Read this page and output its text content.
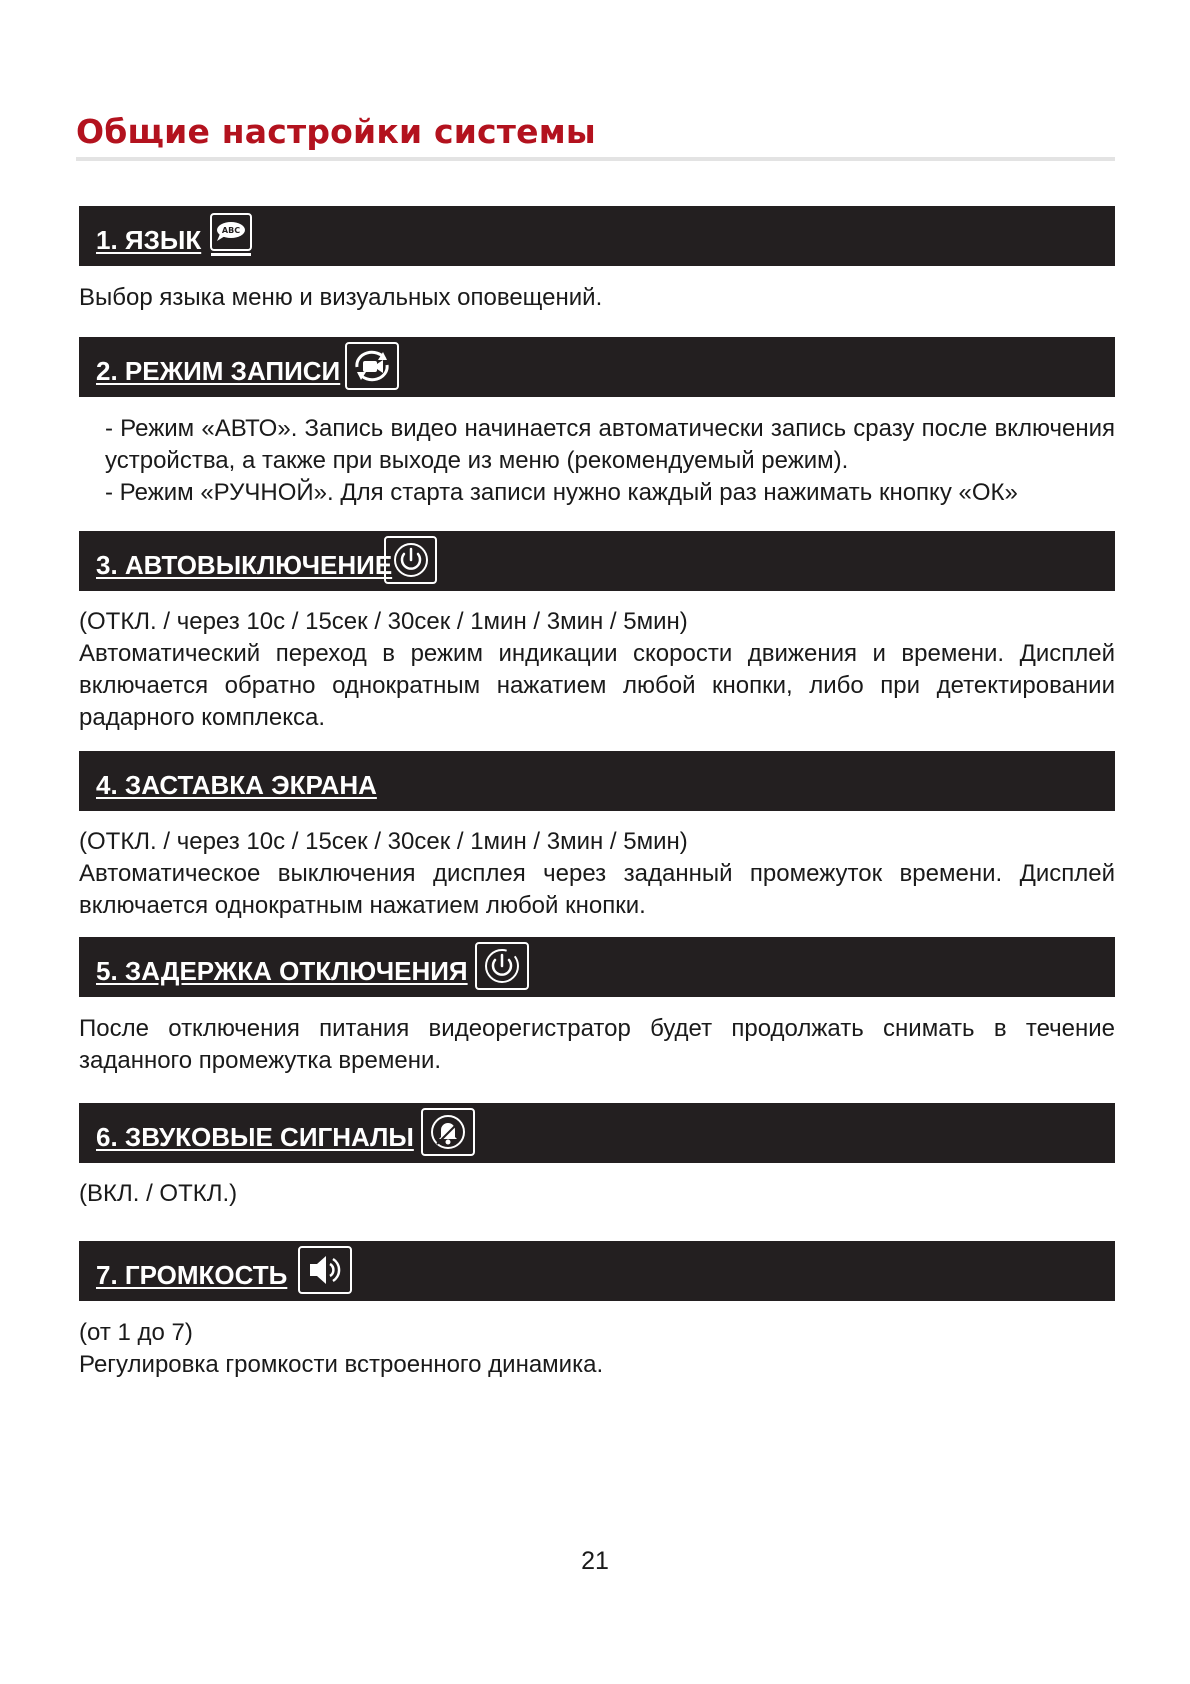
Общие настройки системы
1. ЯЗЫК	ABC

Выбор языка меню и визуальных оповещений.

2. РЕЖИМ ЗАПИСИ

- Режим «АВТО». Запись видео начинается автоматически запись сразу после включения устройства, а также при выходе из меню (рекомендуемый режим).

- Режим «РУЧНОЙ». Для старта записи нужно каждый раз нажимать кнопку «ОК»

3. АВТОВЫКЛЮЧЕНИЕ

(ОТКЛ. / через 10с / 15сек / 30сек / 1мин / 3мин / 5мин)

Автоматический переход в режим индикации скорости движения и времени. Дисплей включается обратно однократным нажатием любой кнопки, либо при детектировании радарного комплекса.

4. ЗАСТАВКА ЭКРАНА

(ОТКЛ. / через 10с / 15сек / 30сек / 1мин / 3мин / 5мин)

Автоматическое выключения дисплея через заданный промежуток времени. Дисплей включается однократным нажатием любой кнопки.

5. ЗАДЕРЖКА ОТКЛЮЧЕНИЯ

После отключения питания видеорегистратор будет продолжать снимать в течение заданного промежутка времени.

6. ЗВУКОВЫЕ СИГНАЛЫ

(ВКЛ. / ОТКЛ.)

7. ГРОМКОСТЬ

(от 1 до 7)

Регулировка громкости встроенного динамика.

21
